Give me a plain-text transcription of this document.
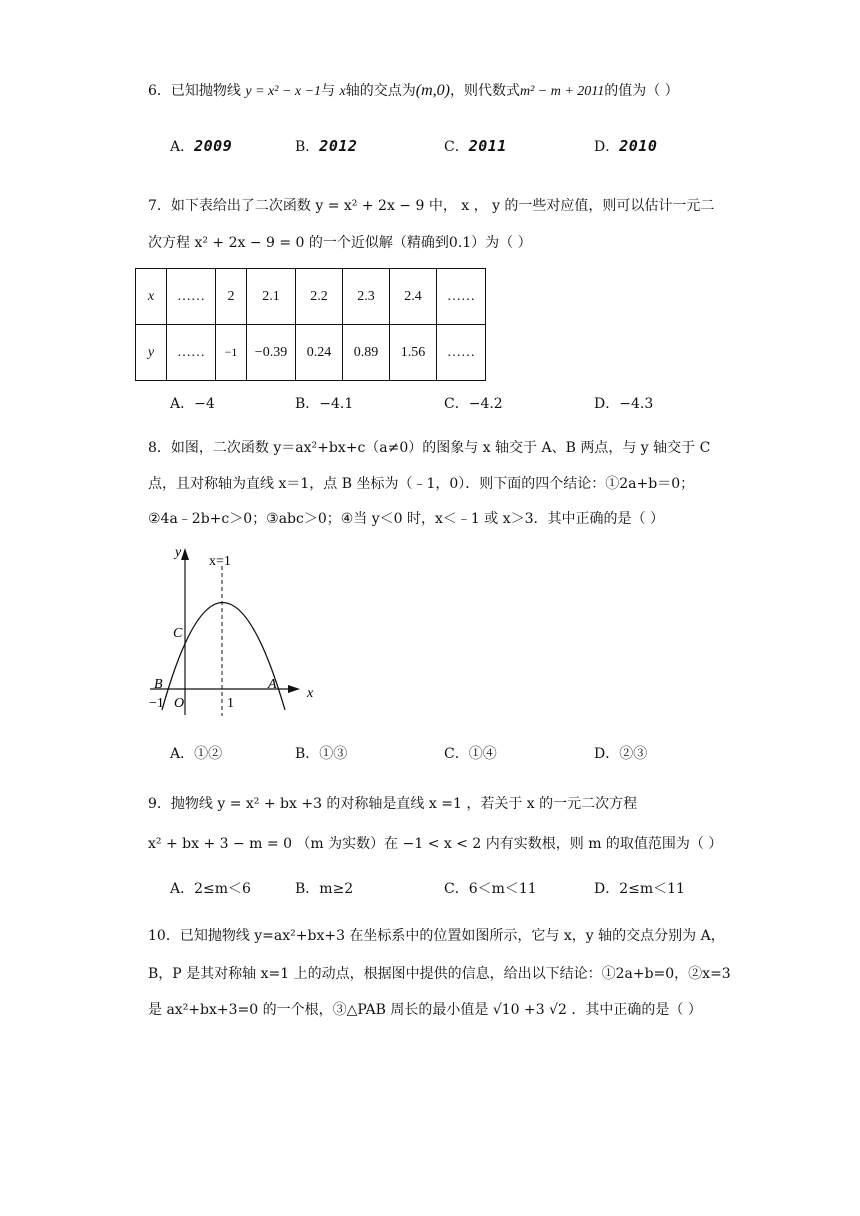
6．已知抛物线 y = x² − x −1与 x轴的交点为(m,0)，则代数式m² − m + 2011的值为（ ）
A．2009	B．2012	C．2011	D．2010
7．如下表给出了二次函数 y = x² + 2x − 9 中， x ， y 的一些对应值，则可以估计一元二
次方程 x² + 2x − 9 = 0 的一个近似解（精确到0.1）为（ ）
x	……	2	2.1	2.2	2.3	2.4	……
y	……	−1	−0.39	0.24	0.89	1.56	……
A．−4	B．−4.1	C．−4.2	D．−4.3
8．如图，二次函数 y＝ax²+bx+c（a≠0）的图象与 x 轴交于 A、B 两点，与 y 轴交于 C
点，且对称轴为直线 x＝1，点 B 坐标为（﹣1，0）．则下面的四个结论：①2a+b＝0；
②4a﹣2b+c＞0；③abc＞0；④当 y＜0 时，x＜﹣1 或 x＞3．其中正确的是（ ）
y
x
x=1
C
B	A
O
−1	1
A．①②	B．①③	C．①④	D．②③
9．抛物线 y = x² + bx +3 的对称轴是直线 x =1 ，若关于 x 的一元二次方程
x² + bx + 3 − m = 0 （m 为实数）在 −1 < x < 2 内有实数根，则 m 的取值范围为（ ）
A．2≤m＜6	B．m≥2	C．6＜m＜11	D．2≤m＜11
10．已知抛物线 y=ax²+bx+3 在坐标系中的位置如图所示，它与 x，y 轴的交点分别为 A，
B，P 是其对称轴 x=1 上的动点，根据图中提供的信息，给出以下结论：①2a+b=0，②x=3
是 ax²+bx+3=0 的一个根，③△PAB 周长的最小值是 √10 +3 √2 ．其中正确的是（ ）
